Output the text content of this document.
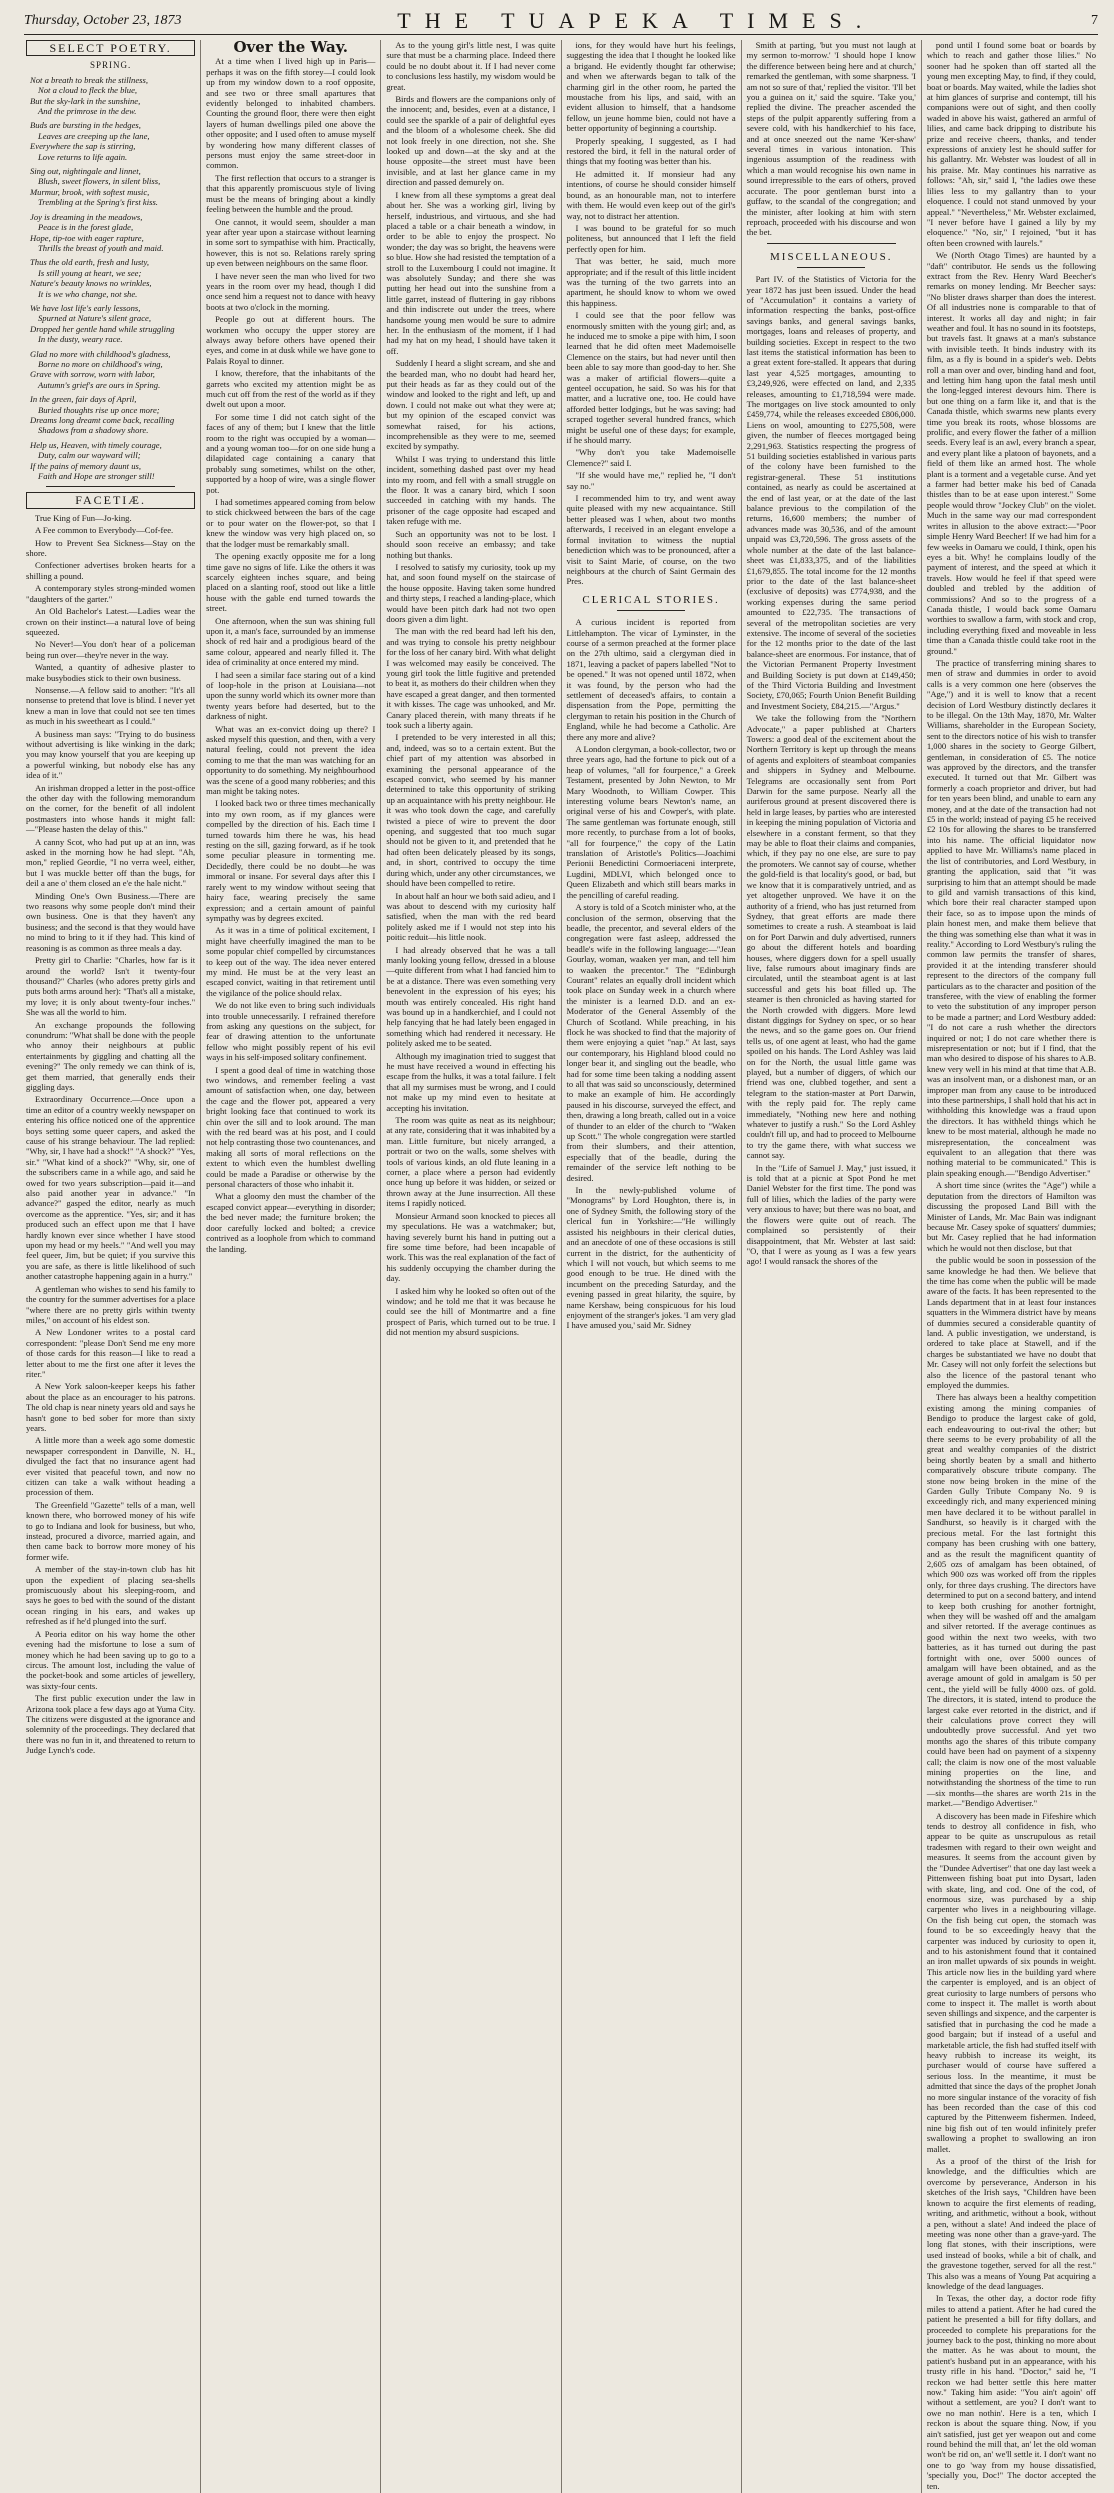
Thursday, October 23, 1873	THE TUAPEKA TIMES.	7
SELECT POETRY.
SPRING.
Not a breath to break the stillness,
Not a cloud to fleck the blue,
But the sky-lark in the sunshine,
And the primrose in the dew.
Buds are bursting in the hedges,
Leaves are creeping up the lane,
Everywhere the sap is stirring,
Love returns to life again.
Sing out, nightingale and linnet,
Blush, sweet flowers, in silent bliss,
Murmur, brook, with softest music,
Trembling at the Spring's first kiss.
Joy is dreaming in the meadows,
Peace is in the forest glade,
Hope, tip-toe with eager rapture,
Thrills the breast of youth and maid.
Thus the old earth, fresh and lusty,
Is still young at heart, we see;
Nature's beauty knows no wrinkles,
It is we who change, not she.
We have lost life's early lessons,
Spurned at Nature's silent grace,
Dropped her gentle hand while struggling
In the dusty, weary race.
Glad no more with childhood's gladness,
Borne no more on childhood's wing,
Grave with sorrow, worn with labor,
Autumn's grief's are ours in Spring.
In the green, fair days of April,
Buried thoughts rise up once more;
Dreams long dreamt come back, recalling
Shadows from a shadowy shore.
Help us, Heaven, with timely courage,
Duty, calm our wayward will;
If the pains of memory daunt us,
Faith and Hope are stronger still!
FACETIÆ.

True King of Fun—Jo-king.

A Fee common to Everybody—Cof-fee.

How to Prevent Sea Sickness—Stay on the shore.

Confectioner advertises broken hearts for a shilling a pound.

A contemporary styles strong-minded women "daughters of the garter."

An Old Bachelor's Latest.—Ladies wear the crown on their instinct—a natural love of being squeezed.

No Never!—You don't hear of a policeman being run over—they're never in the way.

Wanted, a quantity of adhesive plaster to make busybodies stick to their own business.

Nonsense.—A fellow said to another: "It's all nonsense to pretend that love is blind. I never yet knew a man in love that could not see ten times as much in his sweetheart as I could."

A business man says: "Trying to do business without advertising is like winking in the dark; you may know yourself that you are keeping up a powerful winking, but nobody else has any idea of it."

An irishman dropped a letter in the post-office the other day with the following memorandum on the corner, for the benefit of all indolent postmasters into whose hands it might fall:—"Please hasten the delay of this."

A canny Scot, who had put up at an inn, was asked in the morning how he had slept. "Ah, mon," replied Geordie, "I no verra weel, either, but I was muckle better off than the bugs, for deil a ane o' them closed an e'e the hale nicht."

Minding One's Own Business.—There are two reasons why some people don't mind their own business. One is that they haven't any business; and the second is that they would have no mind to bring to it if they had. This kind of reasoning is as common as three meals a day.

Pretty girl to Charlie: "Charles, how far is it around the world? Isn't it twenty-four thousand?" Charles (who adores pretty girls and puts both arms around her): "That's all a mistake, my love; it is only about twenty-four inches." She was all the world to him.

An exchange propounds the following conundrum: "What shall be done with the people who annoy their neighbours at public entertainments by giggling and chatting all the evening?" The only remedy we can think of is, get them married, that generally ends their giggling days.

Extraordinary Occurrence.—Once upon a time an editor of a country weekly newspaper on entering his office noticed one of the apprentice boys setting some queer capers, and asked the cause of his strange behaviour. The lad replied: "Why, sir, I have had a shock!" "A shock?" "Yes, sir." "What kind of a shock?" "Why, sir, one of the subscribers came in a while ago, and said he owed for two years subscription—paid it—and also paid another year in advance." "In advance?" gasped the editor, nearly as much overcome as the apprentice. "Yes, sir; and it has produced such an effect upon me that I have hardly known ever since whether I have stood upon my head or my heels." "And well you may feel queer, Jim, but be quiet; if you survive this you are safe, as there is little likelihood of such another catastrophe happening again in a hurry."

A gentleman who wishes to send his family to the country for the summer advertises for a place "where there are no pretty girls within twenty miles," on account of his eldest son.

A New Londoner writes to a postal card correspondent: "please Don't Send me eny more of those cards for this reason—I like to read a letter about to me the first one after it leves the riter."

A New York saloon-keeper keeps his father about the place as an encourager to his patrons. The old chap is near ninety years old and says he hasn't gone to bed sober for more than sixty years.

A little more than a week ago some domestic newspaper correspondent in Danville, N. H., divulged the fact that no insurance agent had ever visited that peaceful town, and now no citizen can take a walk without heading a procession of them.

The Greenfield "Gazette" tells of a man, well known there, who borrowed money of his wife to go to Indiana and look for business, but who, instead, procured a divorce, married again, and then came back to borrow more money of his former wife.

A member of the stay-in-town club has hit upon the expedient of placing sea-shells promiscuously about his sleeping-room, and says he goes to bed with the sound of the distant ocean ringing in his ears, and wakes up refreshed as if he'd plunged into the surf.

A Peoria editor on his way home the other evening had the misfortune to lose a sum of money which he had been saving up to go to a circus. The amount lost, including the value of the pocket-book and some articles of jewellery, was sixty-four cents.

The first public execution under the law in Arizona took place a few days ago at Yuma City. The citizens were disgusted at the ignorance and solemnity of the proceedings. They declared that there was no fun in it, and threatened to return to Judge Lynch's code.

Over the Way.

At a time when I lived high up in Paris—perhaps it was on the fifth storey—I could look up from my window down to a roof opposite, and see two or three small apartures that evidently belonged to inhabited chambers. Counting the ground floor, there were then eight layers of human dwellings piled one above the other opposite; and I used often to amuse myself by wondering how many different classes of persons must enjoy the same street-door in common.

The first reflection that occurs to a stranger is that this apparently promiscuous style of living must be the means of bringing about a kindly feeling between the humble and the proud.

One cannot, it would seem, shoulder a man year after year upon a staircase without learning in some sort to sympathise with him. Practically, however, this is not so. Relations rarely spring up even between neighbours on the same floor.

I have never seen the man who lived for two years in the room over my head, though I did once send him a request not to dance with heavy boots at two o'clock in the morning.

People go out at different hours. The workmen who occupy the upper storey are always away before others have opened their eyes, and come in at dusk while we have gone to Palais Royal to dinner.

I know, therefore, that the inhabitants of the garrets who excited my attention might be as much cut off from the rest of the world as if they dwelt out upon a moor.

For some time I did not catch sight of the faces of any of them; but I knew that the little room to the right was occupied by a woman—and a young woman too—for on one side hung a dilapidated cage containing a canary that probably sung sometimes, whilst on the other, supported by a hoop of wire, was a single flower pot.

I had sometimes appeared coming from below to stick chickweed between the bars of the cage or to pour water on the flower-pot, so that I knew the window was very high placed on, so that the lodger must be remarkably small.

The opening exactly opposite me for a long time gave no signs of life. Like the others it was scarcely eighteen inches square, and being placed on a slanting roof, stood out like a little house with the gable end turned towards the street.

One afternoon, when the sun was shining full upon it, a man's face, surrounded by an immense shock of red hair and a prodigious beard of the same colour, appeared and nearly filled it. The idea of criminality at once entered my mind.

I had seen a similar face staring out of a kind of loop-hole in the prison at Louisiana—not upon the sunny world which its owner more than twenty years before had deserted, but to the darkness of night.

What was an ex-convict doing up there? I asked myself this question, and then, with a very natural feeling, could not prevent the idea coming to me that the man was watching for an opportunity to do something. My neighbourhood was the scene of a good many robberies; and this man might be taking notes.

I looked back two or three times mechanically into my own room, as if my glances were compelled by the direction of his. Each time I turned towards him there he was, his head resting on the sill, gazing forward, as if he took some peculiar pleasure in tormenting me. Decidedly, there could be no doubt—he was immoral or insane. For several days after this I rarely went to my window without seeing that hairy face, wearing precisely the same expression; and a certain amount of painful sympathy was by degrees excited.

As it was in a time of political excitement, I might have cheerfully imagined the man to be some popular chief compelled by circumstances to keep out of the way. The idea never entered my mind. He must be at the very least an escaped convict, waiting in that retirement until the vigilance of the police should relax.

We do not like even to bring such individuals into trouble unnecessarily. I refrained therefore from asking any questions on the subject, for fear of drawing attention to the unfortunate fellow who might possibly repent of his evil ways in his self-imposed solitary confinement.

I spent a good deal of time in watching those two windows, and remember feeling a vast amount of satisfaction when, one day, between the cage and the flower pot, appeared a very bright looking face that continued to work its chin over the sill and to look around. The man with the red beard was at his post, and I could not help contrasting those two countenances, and making all sorts of moral reflections on the extent to which even the humblest dwelling could be made a Paradise or otherwise by the personal characters of those who inhabit it.

What a gloomy den must the chamber of the escaped convict appear—everything in disorder; the bed never made; the furniture broken; the door carefully locked and bolted; a crevice contrived as a loophole from which to command the landing.

As to the young girl's little nest, I was quite sure that must be a charming place. Indeed there could be no doubt about it. If I had never come to conclusions less hastily, my wisdom would be great.

Birds and flowers are the companions only of the innocent; and, besides, even at a distance, I could see the sparkle of a pair of delightful eyes and the bloom of a wholesome cheek. She did not look freely in one direction, not she. She looked up and down—at the sky and at the house opposite—the street must have been invisible, and at last her glance came in my direction and passed demurely on.

I knew from all these symptoms a great deal about her. She was a working girl, living by herself, industrious, and virtuous, and she had placed a table or a chair beneath a window, in order to be able to enjoy the prospect. No wonder; the day was so bright, the heavens were so blue. How she had resisted the temptation of a stroll to the Luxembourg I could not imagine. It was absolutely Sunday; and there she was putting her head out into the sunshine from a little garret, instead of fluttering in gay ribbons and thin indiscrete out under the trees, where handsome young men would be sure to admire her. In the enthusiasm of the moment, if I had had my hat on my head, I should have taken it off.

Suddenly I heard a slight scream, and she and the bearded man, who no doubt had heard her, put their heads as far as they could out of the window and looked to the right and left, up and down. I could not make out what they were at; but my opinion of the escaped convict was somewhat raised, for his actions, incomprehensible as they were to me, seemed excited by sympathy.

Whilst I was trying to understand this little incident, something dashed past over my head into my room, and fell with a small struggle on the floor. It was a canary bird, which I soon succeeded in catching with my hands. The prisoner of the cage opposite had escaped and taken refuge with me.

Such an opportunity was not to be lost. I should soon receive an embassy; and take nothing but thanks.

I resolved to satisfy my curiosity, took up my hat, and soon found myself on the staircase of the house opposite. Having taken some hundred and thirty steps, I reached a landing-place, which would have been pitch dark had not two open doors given a dim light.

The man with the red beard had left his den, and was trying to console his pretty neighbour for the loss of her canary bird. With what delight I was welcomed may easily be conceived. The young girl took the little fugitive and pretended to beat it, as mothers do their children when they have escaped a great danger, and then tormented it with kisses. The cage was unhooked, and Mr. Canary placed therein, with many threats if he took such a liberty again.

I pretended to be very interested in all this; and, indeed, was so to a certain extent. But the chief part of my attention was absorbed in examining the personal appearance of the escaped convict, who seemed by his manner determined to take this opportunity of striking up an acquaintance with his pretty neighbour. He it was who took down the cage, and carefully twisted a piece of wire to prevent the door opening, and suggested that too much sugar should not be given to it, and pretended that he had often been delicately pleased by its songs, and, in short, contrived to occupy the time during which, under any other circumstances, we should have been compelled to retire.

In about half an hour we both said adieu, and I was about to descend with my curiosity half satisfied, when the man with the red beard politely asked me if I would not step into his poitic reduit—his little nook.

I had already observed that he was a tall manly looking young fellow, dressed in a blouse—quite different from what I had fancied him to be at a distance. There was even something very benevolent in the expression of his eyes; his mouth was entirely concealed. His right hand was bound up in a handkerchief, and I could not help fancying that he had lately been engaged in something which had rendered it necessary. He politely asked me to be seated.

Although my imagination tried to suggest that he must have received a wound in effecting his escape from the hulks, it was a total failure. I felt that all my surmises must be wrong, and I could not make up my mind even to hesitate at accepting his invitation.

The room was quite as neat as its neighbour; at any rate, considering that it was inhabited by a man. Little furniture, but nicely arranged, a portrait or two on the walls, some shelves with tools of various kinds, an old flute leaning in a corner, a place where a person had evidently once hung up before it was hidden, or seized or thrown away at the June insurrection. All these items I rapidly noticed.

Monsieur Armand soon knocked to pieces all my speculations. He was a watchmaker; but, having severely burnt his hand in putting out a fire some time before, had been incapable of work. This was the real explanation of the fact of his suddenly occupying the chamber during the day.

I asked him why he looked so often out of the window; and he told me that it was because he could see the hill of Montmartre and a fine prospect of Paris, which turned out to be true. I did not mention my absurd suspicions.

ions, for they would have hurt his feelings, suggesting the idea that I thought he looked like a brigand. He evidently thought far otherwise; and when we afterwards began to talk of the charming girl in the other room, he parted the moustache from his lips, and said, with an evident allusion to himself, that a handsome fellow, un jeune homme bien, could not have a better opportunity of beginning a courtship.

Properly speaking, I suggested, as I had restored the bird, it fell in the natural order of things that my footing was better than his.

He admitted it. If monsieur had any intentions, of course he should consider himself bound, as an honourable man, not to interfere with them. He would even keep out of the girl's way, not to distract her attention.

I was bound to be grateful for so much politeness, but announced that I left the field perfectly open for him.

That was better, he said, much more appropriate; and if the result of this little incident was the turning of the two garrets into an apartment, he should know to whom we owed this happiness.

I could see that the poor fellow was enormously smitten with the young girl; and, as he induced me to smoke a pipe with him, I soon learned that he did often meet Mademoiselle Clemence on the stairs, but had never until then been able to say more than good-day to her. She was a maker of artificial flowers—quite a genteel occupation, he said. So was his for that matter, and a lucrative one, too. He could have afforded better lodgings, but he was saving; had scraped together several hundred francs, which might be useful one of these days; for example, if he should marry.

"Why don't you take Mademoiselle Clemence?" said I.

"If she would have me," replied he, "I don't say no."

I recommended him to try, and went away quite pleased with my new acquaintance. Still better pleased was I when, about two months afterwards, I received in an elegant envelope a formal invitation to witness the nuptial benediction which was to be pronounced, after a visit to Saint Marie, of course, on the two neighbours at the church of Saint Germain des Pres.

CLERICAL STORIES.

A curious incident is reported from Littlehampton. The vicar of Lyminster, in the course of a sermon preached at the former place on the 27th ultimo, said a clergyman died in 1871, leaving a packet of papers labelled "Not to be opened." It was not opened until 1872, when it was found, by the person who had the settlement of deceased's affairs, to contain a dispensation from the Pope, permitting the clergyman to retain his position in the Church of England, while he had become a Catholic. Are there any more and alive?

A London clergyman, a book-collector, two or three years ago, had the fortune to pick out of a heap of volumes, "all for fourpence," a Greek Testament, presented by John Newton, to Mr Mary Woodnoth, to William Cowper. This interesting volume bears Newton's name, an original verse of his and Cowper's, with plate. The same gentleman was fortunate enough, still more recently, to purchase from a lot of books, "all for fourpence," the copy of the Latin translation of Aristotle's Politics—Joachimi Perionii Benedictini Cormoeriaceni interprete, Lugdini, MDLVI, which belonged once to Queen Elizabeth and which still bears marks in the pencilling of careful reading.

A story is told of a Scotch minister who, at the conclusion of the sermon, observing that the beadle, the precentor, and several elders of the congregation were fast asleep, addressed the beadle's wife in the following language:—"Jean Gourlay, woman, waaken yer man, and tell him to waaken the precentor." The "Edinburgh Courant" relates an equally droll incident which took place on Sunday week in a church where the minister is a learned D.D. and an ex-Moderator of the General Assembly of the Church of Scotland. While preaching, in his flock he was shocked to find that the majority of them were enjoying a quiet "nap." At last, says our contemporary, his Highland blood could no longer bear it, and singling out the beadle, who had for some time been taking a nodding assent to all that was said so unconsciously, determined to make an example of him. He accordingly paused in his discourse, surveyed the effect, and then, drawing a long breath, called out in a voice of thunder to an elder of the church to "Waken up Scott." The whole congregation were startled from their slumbers, and their attention, especially that of the beadle, during the remainder of the service left nothing to be desired.

In the newly-published volume of "Monograms" by Lord Houghton, there is, in one of Sydney Smith, the following story of the clerical fun in Yorkshire:—"He willingly assisted his neighbours in their clerical duties, and an anecdote of one of these occasions is still current in the district, for the authenticity of which I will not vouch, but which seems to me good enough to be true. He dined with the incumbent on the preceding Saturday, and the evening passed in great hilarity, the squire, by name Kershaw, being conspicuous for his loud enjoyment of the stranger's jokes. 'I am very glad I have amused you,' said Mr. Sidney

Smith at parting, 'but you must not laugh at my sermon to-morrow.' 'I should hope I know the difference between being here and at church,' remarked the gentleman, with some sharpness. 'I am not so sure of that,' replied the visitor. 'I'll bet you a guinea on it,' said the squire. 'Take you,' replied the divine. The preacher ascended the steps of the pulpit apparently suffering from a severe cold, with his handkerchief to his face, and at once sneezed out the name 'Ker-shaw' several times in various intonation. This ingenious assumption of the readiness with which a man would recognise his own name in sound irrepressible to the ears of others, proved accurate. The poor gentleman burst into a guffaw, to the scandal of the congregation; and the minister, after looking at him with stern reproach, proceeded with his discourse and won the bet.

MISCELLANEOUS.

Part IV. of the Statistics of Victoria for the year 1872 has just been issued. Under the head of "Accumulation" it contains a variety of information respecting the banks, post-office savings banks, and general savings banks, mortgages, loans and releases of property, and building societies. Except in respect to the two last items the statistical information has been to a great extent fore-stalled. It appears that during last year 4,525 mortgages, amounting to £3,249,926, were effected on land, and 2,335 releases, amounting to £1,718,594 were made. The mortgages on live stock amounted to only £459,774, while the releases exceeded £806,000. Liens on wool, amounting to £275,508, were given, the number of fleeces mortgaged being 2,291,963. Statistics respecting the progress of 51 building societies established in various parts of the colony have been furnished to the registrar-general. These 51 institutions contained, as nearly as could be ascertained at the end of last year, or at the date of the last balance previous to the compilation of the returns, 16,600 members; the number of advances made was 30,536, and of the amount unpaid was £3,720,596. The gross assets of the whole number at the date of the last balance-sheet was £1,833,375, and of the liabilities £1,679,855. The total income for the 12 months prior to the date of the last balance-sheet (exclusive of deposits) was £774,938, and the working expenses during the same period amounted to £22,735. The transactions of several of the metropolitan societies are very extensive. The income of several of the societies for the 12 months prior to the date of the last balance-sheet are enormous. For instance, that of the Victorian Permanent Property Investment and Building Society is put down at £149,450; of the Third Victoria Building and Investment Society, £70,065; Fourth Union Benefit Building and Investment Society, £84,215.—"Argus."

We take the following from the "Northern Advocate," a paper published at Charters Towers: a good deal of the excitement about the Northern Territory is kept up through the means of agents and exploiters of steamboat companies and shippers in Sydney and Melbourne. Telegrams are occasionally sent from Port Darwin for the same purpose. Nearly all the auriferous ground at present discovered there is held in large leases, by parties who are interested in keeping the mining population of Victoria and elsewhere in a constant ferment, so that they may be able to float their claims and companies, which, if they pay no one else, are sure to pay the promoters. We cannot say of course, whether the gold-field is that locality's good, or bad, but we know that it is comparatively untried, and as yet altogether unproved. We have it on the authority of a friend, who has just returned from Sydney, that great efforts are made there sometimes to create a rush. A steamboat is laid on for Port Darwin and duly advertised, runners go about the different hotels and boarding houses, where diggers down for a spell usually live, false rumours about imaginary finds are circulated, until the steamboat agent is at last successful and gets his boat filled up. The steamer is then chronicled as having started for the North crowded with diggers. More lewd distant diggings for Sydney on spec, or so hear the news, and so the game goes on. Our friend tells us, of one agent at least, who had the game spoiled on his hands. The Lord Ashley was laid on for the North, the usual little game was played, but a number of diggers, of which our friend was one, clubbed together, and sent a telegram to the station-master at Port Darwin, with the reply paid for. The reply came immediately, "Nothing new here and nothing whatever to justify a rush." So the Lord Ashley couldn't fill up, and had to proceed to Melbourne to try the game there, with what success we cannot say.

In the "Life of Samuel J. May," just issued, it is told that at a picnic at Spot Pond he met Daniel Webster for the first time. The pond was full of lilies, which the ladies of the party were very anxious to have; but there was no boat, and the flowers were quite out of reach. The complained so persistently of their disappointment, that Mr. Webster at last said: "O, that I were as young as I was a few years ago! I would ransack the shores of the

pond until I found some boat or boards by which to reach and gather those lilies." No sooner had he spoken than off started all the young men excepting May, to find, if they could, boat or boards. May waited, while the ladies shot at him glances of surprise and contempt, till his companions were out of sight, and then coolly waded in above his waist, gathered an armful of lilies, and came back dripping to distribute his prize and receive cheers, thanks, and tender expressions of anxiety lest he should suffer for his gallantry. Mr. Webster was loudest of all in his praise. Mr. May continues his narrative as follows: "Ah, sir," said I, "the ladies owe these lilies less to my gallantry than to your eloquence. I could not stand unmoved by your appeal." "Nevertheless," Mr. Webster exclaimed, "I never before have I gained a lily by my eloquence." "No, sir," I rejoined, "but it has often been crowned with laurels."

We (North Otago Times) are haunted by a "daft" contributor. He sends us the following extract from the Rev. Henry Ward Beecher's remarks on money lending. Mr Beecher says: "No blister draws sharper than does the interest. Of all industries none is comparable to that of interest. It works all day and night; in fair weather and foul. It has no sound in its footsteps, but travels fast. It gnaws at a man's substance with invisible teeth. It binds industry with its film, as a fly is bound in a spider's web. Debts roll a man over and over, binding hand and foot, and letting him hang upon the fatal mesh until the long-legged interest devours him. There is but one thing on a farm like it, and that is the Canada thistle, which swarms new plants every time you break its roots, whose blossoms are prolific, and every flower the father of a million seeds. Every leaf is an awl, every branch a spear, and every plant like a platoon of bayonets, and a field of them like an armed host. The whole plant is a torment and a vegetable curse. And yet a farmer had better make his bed of Canada thistles than to be at ease upon interest." Some people would throw "Jockey Club" on the violet. Much in the same way our mad correspondent writes in allusion to the above extract:—"Poor simple Henry Ward Beecher! If we had him for a few weeks in Oamaru we could, I think, open his eyes a bit. Why! he complains loudly of the payment of interest, and the speed at which it travels. How would he feel if that speed were doubled and trebled by the addition of commissions? And so to the progress of a Canada thistle, I would back some Oamaru worthies to swallow a farm, with stock and crop, including everything fixed and moveable in less time than a Canada thistle could take root in the ground."

The practice of transferring mining shares to men of straw and dummies in order to avoid calls is a very common one here (observes the "Age,") and it is well to know that a recent decision of Lord Westbury distinctly declares it to be illegal. On the 13th May, 1870, Mr. Walter Williams, shareholder in the European Society, sent to the directors notice of his wish to transfer 1,000 shares in the society to George Gilbert, gentleman, in consideration of £5. The notice was approved by the directors, and the transfer executed. It turned out that Mr. Gilbert was formerly a coach proprietor and driver, but had for ten years been blind, and unable to earn any money, and at the date of the transaction had not £5 in the world; instead of paying £5 he received £2 10s for allowing the shares to be transferred into his name. The official liquidator now applied to have Mr. Williams's name placed in the list of contributories, and Lord Westbury, in granting the application, said that "it was surprising to him that an attempt should be made to gild and varnish transactions of this kind, which bore their real character stamped upon their face, so as to impose upon the minds of plain honest men, and make them believe that the thing was something else than what it was in reality." According to Lord Westbury's ruling the common law permits the transfer of shares, provided it at the intending transferer should represent to the directors of the company full particulars as to the character and position of the transferee, with the view of enabling the former to veto the substitution of any improper person to be made a partner; and Lord Westbury added: "I do not care a rush whether the directors inquired or not; I do not care whether there is misrepresentation or not; but if I find, that the man who desired to dispose of his shares to A.B. knew very well in his mind at that time that A.B. was an insolvent man, or a dishonest man, or an improper man from any cause to be introduced into these partnerships, I shall hold that his act in withholding this knowledge was a fraud upon the directors. It has withheld things which he knew to be most material, although he made no misrepresentation, the concealment was equivalent to an allegation that there was nothing material to be communicated." This is plain speaking enough.—"Bendigo Advertiser."

A short time since (writes the "Age") while a deputation from the directors of Hamilton was discussing the proposed Land Bill with the Minister of Lands, Mr. Mac Bain was indignant because Mr. Casey spoke of squatters' dummies; but Mr. Casey replied that he had information which he would not then disclose, but that

the public would be soon in possession of the same knowledge he had then. We believe that the time has come when the public will be made aware of the facts. It has been represented to the Lands department that in at least four instances squatters in the Wimmera district have by means of dummies secured a considerable quantity of land. A public investigation, we understand, is ordered to take place at Stawell, and if the charges be substantiated we have no doubt that Mr. Casey will not only forfeit the selections but also the licence of the pastoral tenant who employed the dummies.

There has always been a healthy competition existing among the mining companies of Bendigo to produce the largest cake of gold, each endeavouring to out-rival the other; but there seems to be every probability of all the great and wealthy companies of the district being shortly beaten by a small and hitherto comparatively obscure tribute company. The stone now being broken in the mine of the Garden Gully Tribute Company No. 9 is exceedingly rich, and many experienced mining men have declared it to be without parallel in Sandhurst, so heavily is it charged with the precious metal. For the last fortnight this company has been crushing with one battery, and as the result the magnificent quantity of 2,605 ozs of amalgam has been obtained, of which 900 ozs was worked off from the ripples only, for three days crushing. The directors have determined to put on a second battery, and intend to keep both crushing for another fortnight, when they will be washed off and the amalgam and silver retorted. If the average continues as good within the next two weeks, with two batteries, as it has turned out during the past fortnight with one, over 5000 ounces of amalgam will have been obtained, and as the average amount of gold in amalgam is 50 per cent., the yield will be fully 4000 ozs. of gold. The directors, it is stated, intend to produce the largest cake ever retorted in the district, and if their calculations prove correct they will undoubtedly prove successful. And yet two months ago the shares of this tribute company could have been had on payment of a sixpenny call; the claim is now one of the most valuable mining properties on the line, and notwithstanding the shortness of the time to run—six months—the shares are worth 21s in the market.—"Bendigo Advertiser."

A discovery has been made in Fifeshire which tends to destroy all confidence in fish, who appear to be quite as unscrupulous as retail tradesmen with regard to their own weight and measures. It seems from the account given by the "Dundee Advertiser" that one day last week a Pittenween fishing boat put into Dysart, laden with skate, ling, and cod. One of the cod, of enormous size, was purchased by a ship carpenter who lives in a neighbouring village. On the fish being cut open, the stomach was found to be so exceedingly heavy that the carpenter was induced by curiosity to open it, and to his astonishment found that it contained an iron mallet upwards of six pounds in weight. This article now lies in the building yard where the carpenter is employed, and is an object of great curiosity to large numbers of persons who come to inspect it. The mallet is worth about seven shillings and sixpence, and the carpenter is satisfied that in purchasing the cod he made a good bargain; but if instead of a useful and marketable article, the fish had stuffed itself with heavy rubbish to increase its weight, its purchaser would of course have suffered a serious loss. In the meantime, it must be admitted that since the days of the prophet Jonah no more singular instance of the voracity of fish has been recorded than the case of this cod captured by the Pittenweem fishermen. Indeed, nine big fish out of ten would infinitely prefer swallowing a prophet to swallowing an iron mallet.

As a proof of the thirst of the Irish for knowledge, and the difficulties which are overcome by perseverance, Anderson in his sketches of the Irish says, "Children have been known to acquire the first elements of reading, writing, and arithmetic, without a book, without a pen, without a slate! And indeed the place of meeting was none other than a grave-yard. The long flat stones, with their inscriptions, were used instead of books, while a bit of chalk, and the gravestone together, served for all the rest." This also was a means of Young Pat acquiring a knowledge of the dead languages.

In Texas, the other day, a doctor rode fifty miles to attend a patient. After he had cured the patient he presented a bill for fifty dollars, and proceeded to complete his preparations for the journey back to the post, thinking no more about the matter. As he was about to mount, the patient's husband put in an appearance, with his trusty rifle in his hand. "Doctor," said he, "I reckon we had better settle this here matter now." Taking him aside: "You ain't agoin' off without a settlement, are you? I don't want to owe no man nothin'. Here is a ten, which I reckon is about the square thing. Now, if you ain't satisfied, just get yer weapon out and come round behind the mill that, an' let the old woman won't be rid on, an' we'll settle it. I don't want no one to go 'way from my house dissatisfied, 'specially you, Doc!" The doctor accepted the ten.
